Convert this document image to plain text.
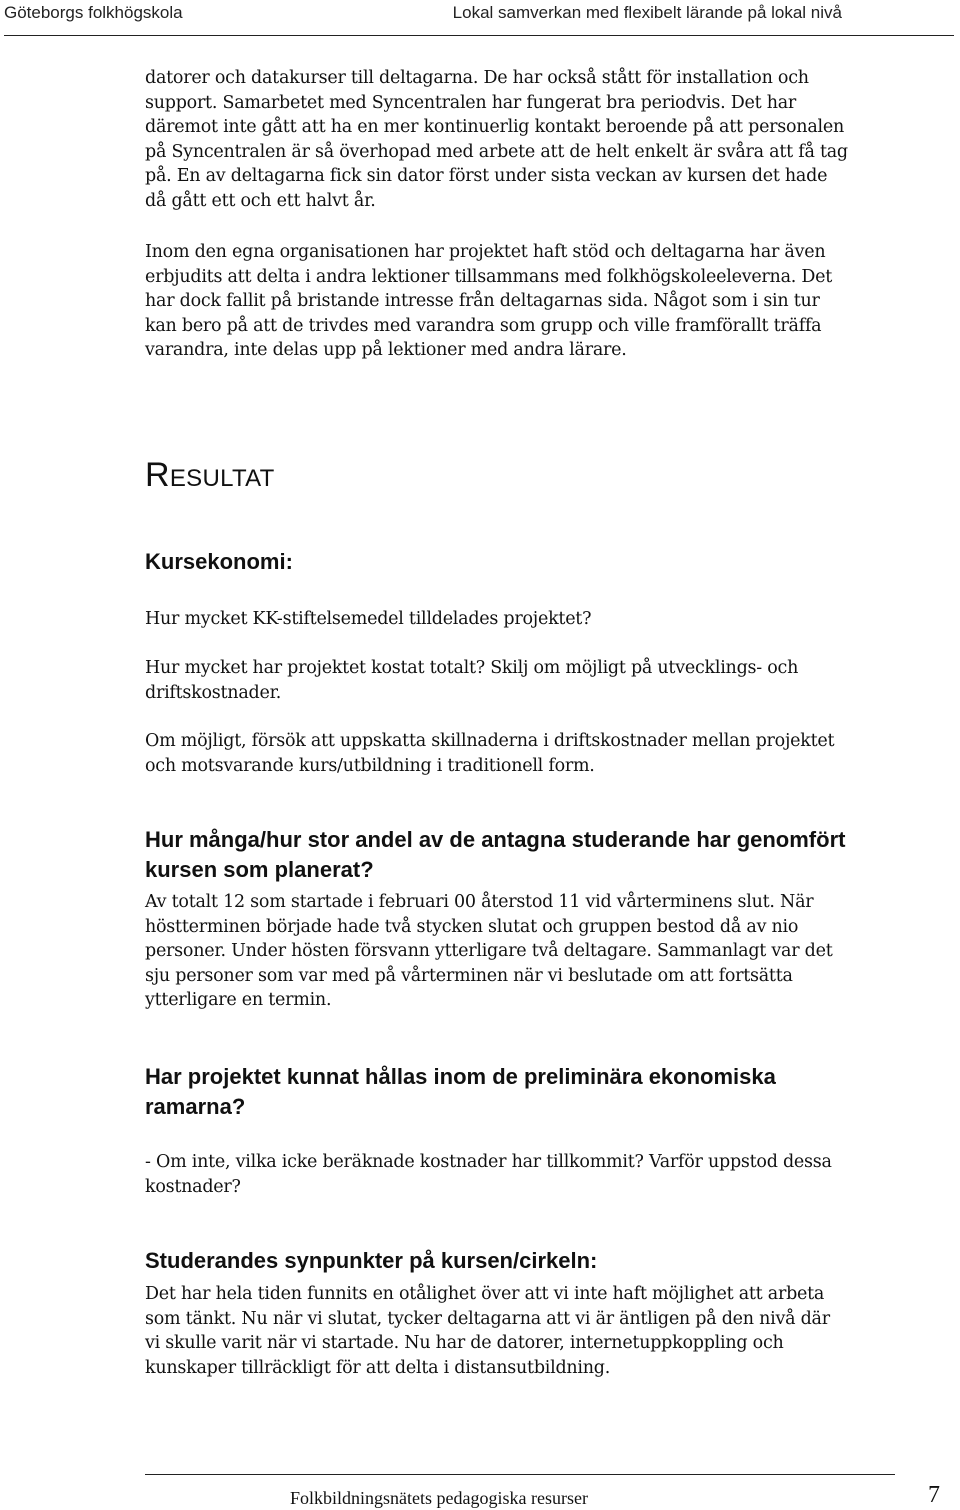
Göteborgs folkhögskola	Lokal samverkan med flexibelt lärande på lokal nivå

datorer och datakurser till deltagarna. De har också stått för installation och support. Samarbetet med Syncentralen har fungerat bra periodvis. Det har däremot inte gått att ha en mer kontinuerlig kontakt beroende på att personalen på Syncentralen är så överhopad med arbete att de helt enkelt är svåra att få tag på. En av deltagarna fick sin dator först under sista veckan av kursen det hade då gått ett och ett halvt år.

Inom den egna organisationen har projektet haft stöd och deltagarna har även erbjudits att delta i andra lektioner tillsammans med folkhögskoleeleverna. Det har dock fallit på bristande intresse från deltagarnas sida. Något som i sin tur kan bero på att de trivdes med varandra som grupp och ville framförallt träffa varandra, inte delas upp på lektioner med andra lärare.

Resultat
Kursekonomi:

Hur mycket KK-stiftelsemedel tilldelades projektet?

Hur mycket har projektet kostat totalt? Skilj om möjligt på utvecklings- och driftskostnader.

Om möjligt, försök att uppskatta skillnaderna i driftskostnader mellan projektet och motsvarande kurs/utbildning i traditionell form.

Hur många/hur stor andel av de antagna studerande har genomfört kursen som planerat?

Av totalt 12 som startade i februari 00 återstod 11 vid vårterminens slut. När höstterminen började hade två stycken slutat och gruppen bestod då av nio personer. Under hösten försvann ytterligare två deltagare. Sammanlagt var det sju personer som var med på vårterminen när vi beslutade om att fortsätta ytterligare en termin.

Har projektet kunnat hållas inom de preliminära ekonomiska ramarna?

- Om inte, vilka icke beräknade kostnader har tillkommit? Varför uppstod dessa kostnader?

Studerandes synpunkter på kursen/cirkeln:

Det har hela tiden funnits en otålighet över att vi inte haft möjlighet att arbeta som tänkt. Nu när vi slutat, tycker deltagarna att vi är äntligen på den nivå där vi skulle varit när vi startade. Nu har de datorer, internetuppkoppling och kunskaper tillräckligt för att delta i distansutbildning.

Folkbildningsnätets pedagogiska resurser	7
